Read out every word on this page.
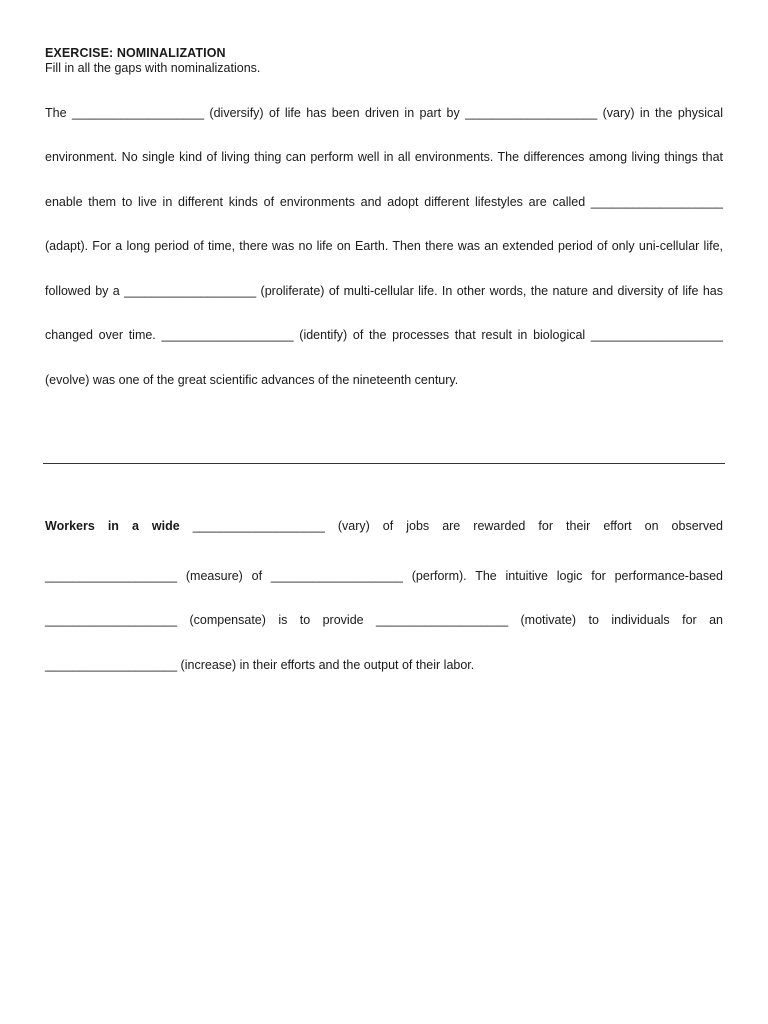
EXERCISE: NOMINALIZATION
Fill in all the gaps with nominalizations.
The ___________________ (diversify) of life has been driven in part by ___________________ (vary) in the physical
environment. No single kind of living thing can perform well in all environments. The differences among living things that
enable them to live in different kinds of environments and adopt different lifestyles are called ___________________
(adapt). For a long period of time, there was no life on Earth. Then there was an extended period of only uni-cellular life,
followed by a ___________________ (proliferate) of multi-cellular life. In other words, the nature and diversity of life has
changed over time. ___________________ (identify) of the processes that result in biological ___________________
(evolve) was one of the great scientific advances of the nineteenth century.
Workers in a wide ___________________ (vary) of jobs are rewarded for their effort on observed
___________________ (measure) of ___________________ (perform). The intuitive logic for performance-based
___________________ (compensate) is to provide ___________________ (motivate) to individuals for an
___________________ (increase) in their efforts and the output of their labor.
